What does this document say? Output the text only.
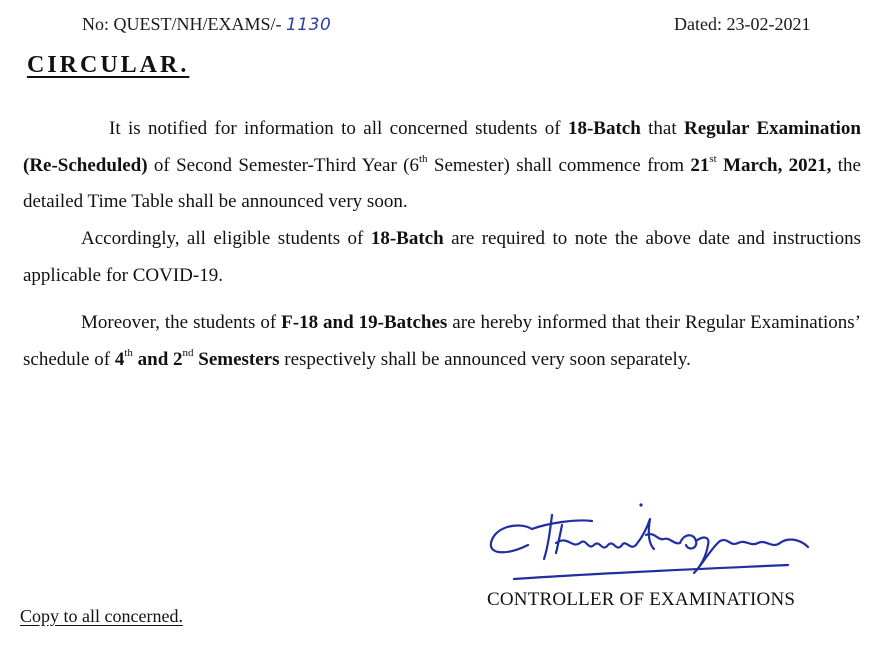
No: QUEST/NH/EXAMS/- 1130	Dated: 23-02-2021
CIRCULAR.

It is notified for information to all concerned students of 18-Batch that Regular Examination (Re-Scheduled) of Second Semester-Third Year (6th Semester) shall commence from 21st March, 2021, the detailed Time Table shall be announced very soon.

Accordingly, all eligible students of 18-Batch are required to note the above date and instructions applicable for COVID-19.

Moreover, the students of F-18 and 19-Batches are hereby informed that their Regular Examinations’ schedule of 4th and 2nd Semesters respectively shall be announced very soon separately.

CONTROLLER OF EXAMINATIONS
Copy to all concerned.
